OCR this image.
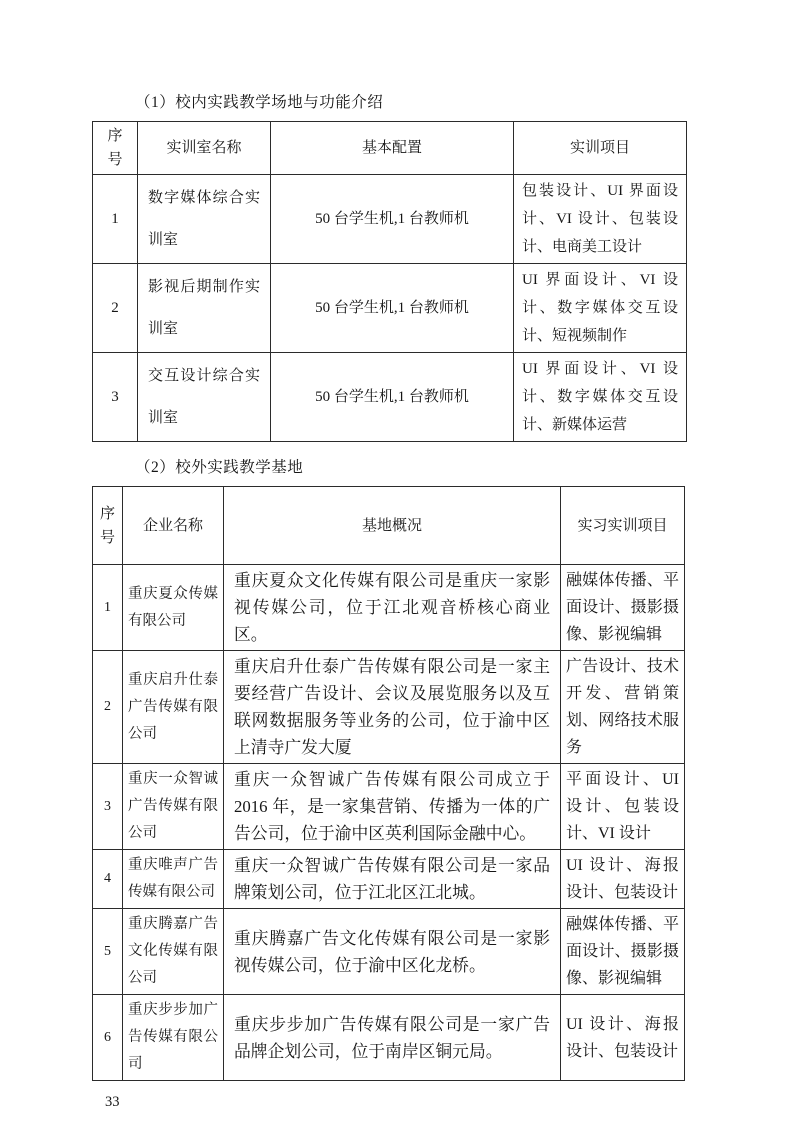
（1）校内实践教学场地与功能介绍
序号	实训室名称	基本配置	实训项目
1	数字媒体综合实训室	50 台学生机,1 台教师机	包装设计、UI 界面设计、VI 设计、包装设计、电商美工设计
2	影视后期制作实训室	50 台学生机,1 台教师机	UI 界面设计、VI 设计、数字媒体交互设计、短视频制作
3	交互设计综合实训室	50 台学生机,1 台教师机	UI 界面设计、VI 设计、数字媒体交互设计、新媒体运营
（2）校外实践教学基地
序号	企业名称	基地概况	实习实训项目
1	重庆夏众传媒有限公司	重庆夏众文化传媒有限公司是重庆一家影视传媒公司，位于江北观音桥核心商业区。	融媒体传播、平面设计、摄影摄像、影视编辑
2	重庆启升仕泰广告传媒有限公司	重庆启升仕泰广告传媒有限公司是一家主要经营广告设计、会议及展览服务以及互联网数据服务等业务的公司，位于渝中区上清寺广发大厦	广告设计、技术开发、营销策划、网络技术服务
3	重庆一众智诚广告传媒有限公司	重庆一众智诚广告传媒有限公司成立于 2016 年，是一家集营销、传播为一体的广告公司，位于渝中区英利国际金融中心。	平面设计、UI 设计、包装设计、VI 设计
4	重庆唯声广告传媒有限公司	重庆一众智诚广告传媒有限公司是一家品牌策划公司，位于江北区江北城。	UI 设计、海报设计、包装设计
5	重庆腾嘉广告文化传媒有限公司	重庆腾嘉广告文化传媒有限公司是一家影视传媒公司，位于渝中区化龙桥。	融媒体传播、平面设计、摄影摄像、影视编辑
6	重庆步步加广告传媒有限公司	重庆步步加广告传媒有限公司是一家广告品牌企划公司，位于南岸区铜元局。	UI 设计、海报设计、包装设计
33
